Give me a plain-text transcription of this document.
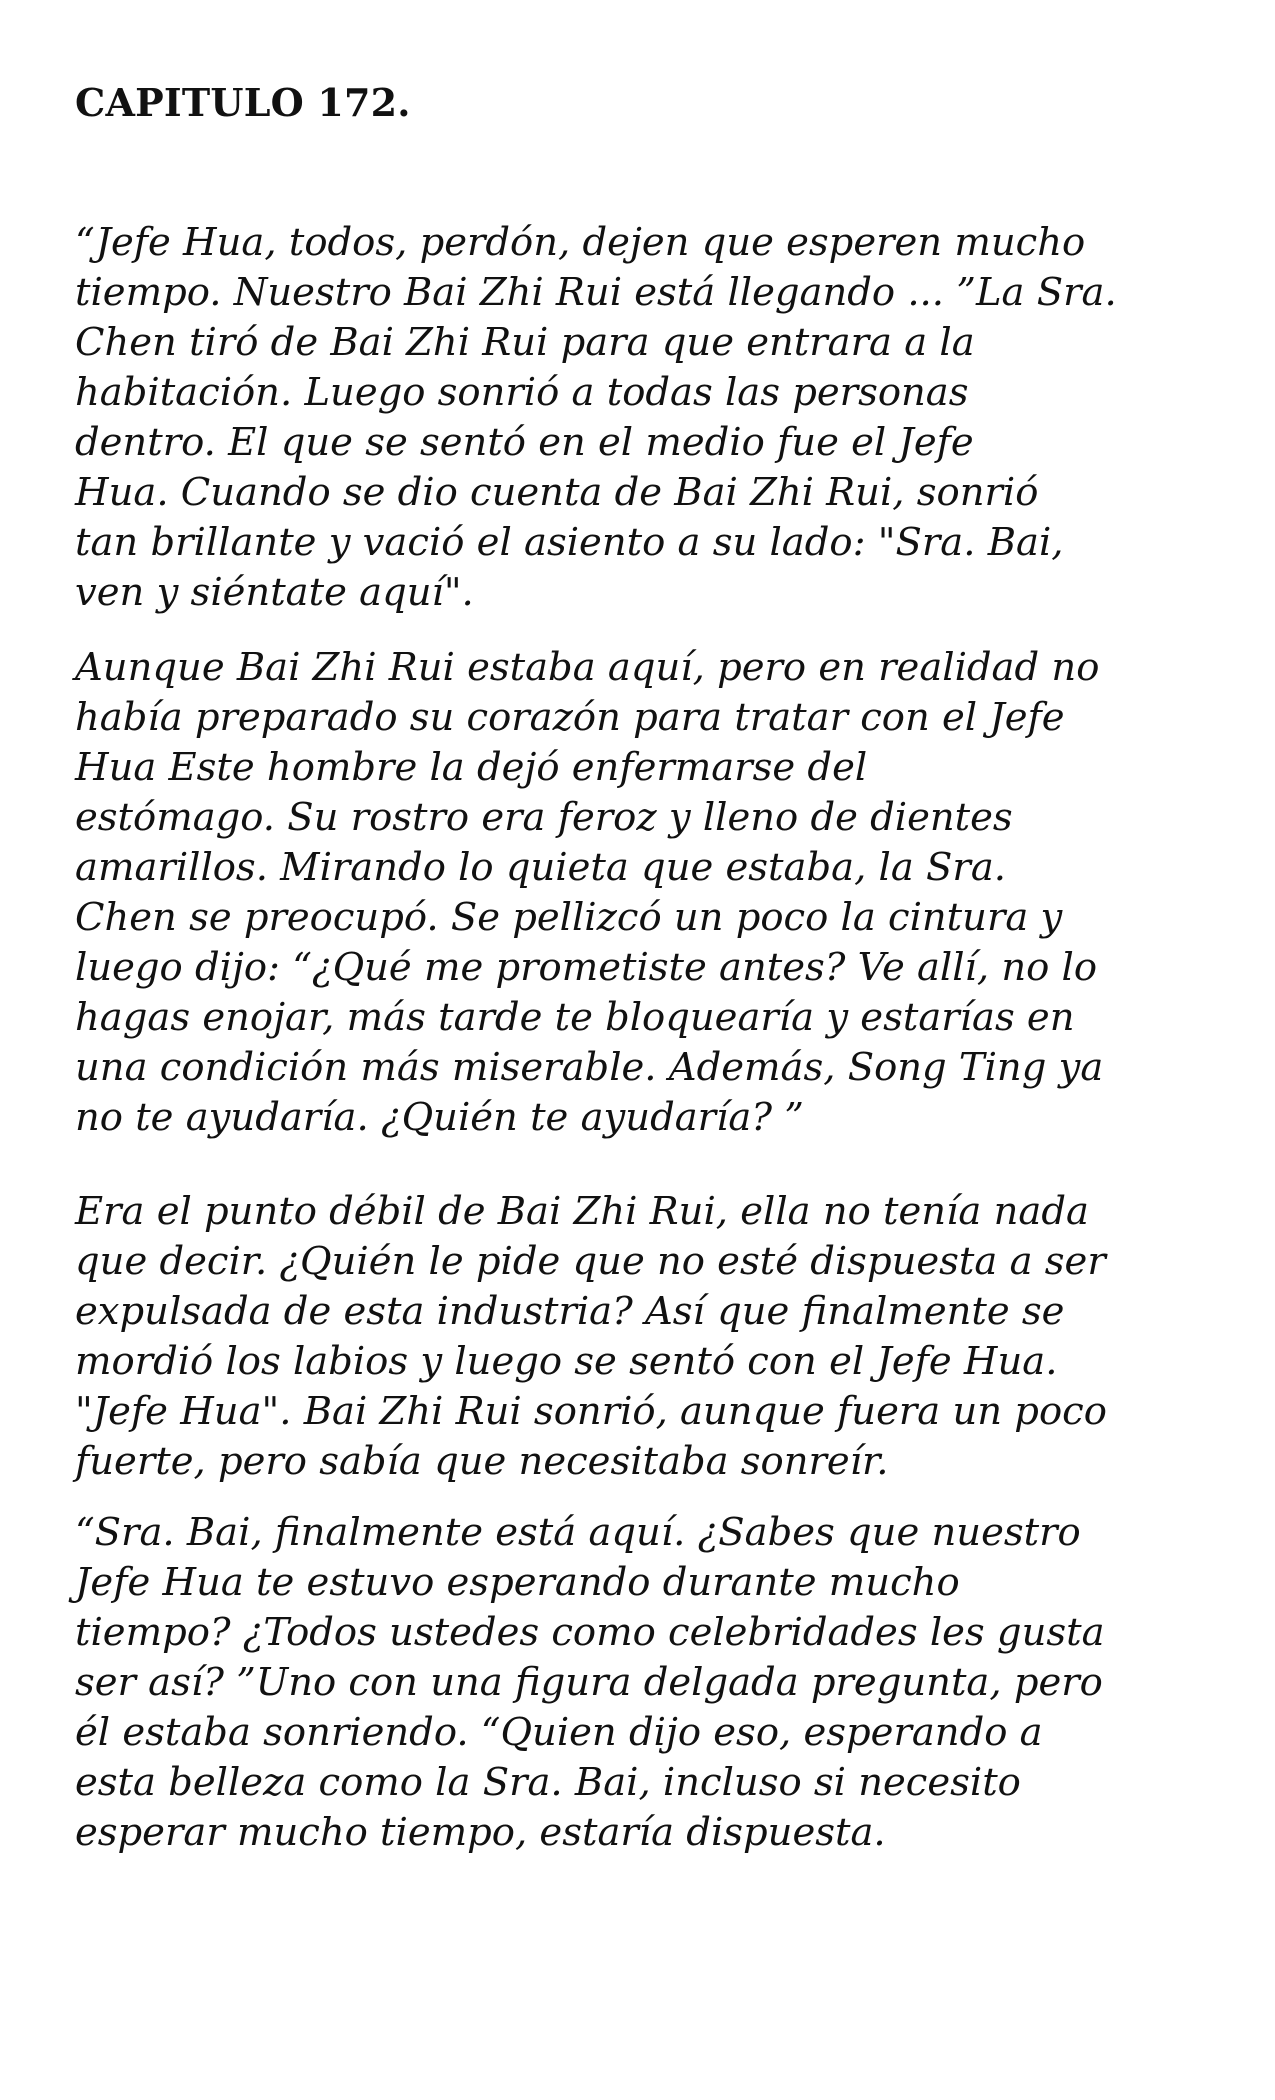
CAPITULO 172.

“Jefe Hua, todos, perdón, dejen que esperen mucho
tiempo. Nuestro Bai Zhi Rui está llegando ... ”La Sra.
Chen tiró de Bai Zhi Rui para que entrara a la
habitación. Luego sonrió a todas las personas
dentro. El que se sentó en el medio fue el Jefe
Hua. Cuando se dio cuenta de Bai Zhi Rui, sonrió
tan brillante y vació el asiento a su lado: "Sra. Bai,
ven y siéntate aquí".

Aunque Bai Zhi Rui estaba aquí, pero en realidad no
había preparado su corazón para tratar con el Jefe
Hua Este hombre la dejó enfermarse del
estómago. Su rostro era feroz y lleno de dientes
amarillos. Mirando lo quieta que estaba, la Sra.
Chen se preocupó. Se pellizcó un poco la cintura y
luego dijo: “¿Qué me prometiste antes? Ve allí, no lo
hagas enojar, más tarde te bloquearía y estarías en
una condición más miserable. Además, Song Ting ya
no te ayudaría. ¿Quién te ayudaría? ”

Era el punto débil de Bai Zhi Rui, ella no tenía nada
que decir. ¿Quién le pide que no esté dispuesta a ser
expulsada de esta industria? Así que finalmente se
mordió los labios y luego se sentó con el Jefe Hua.
"Jefe Hua". Bai Zhi Rui sonrió, aunque fuera un poco
fuerte, pero sabía que necesitaba sonreír.

“Sra. Bai, finalmente está aquí. ¿Sabes que nuestro
Jefe Hua te estuvo esperando durante mucho
tiempo? ¿Todos ustedes como celebridades les gusta
ser así? ”Uno con una figura delgada pregunta, pero
él estaba sonriendo. “Quien dijo eso, esperando a
esta belleza como la Sra. Bai, incluso si necesito
esperar mucho tiempo, estaría dispuesta.
